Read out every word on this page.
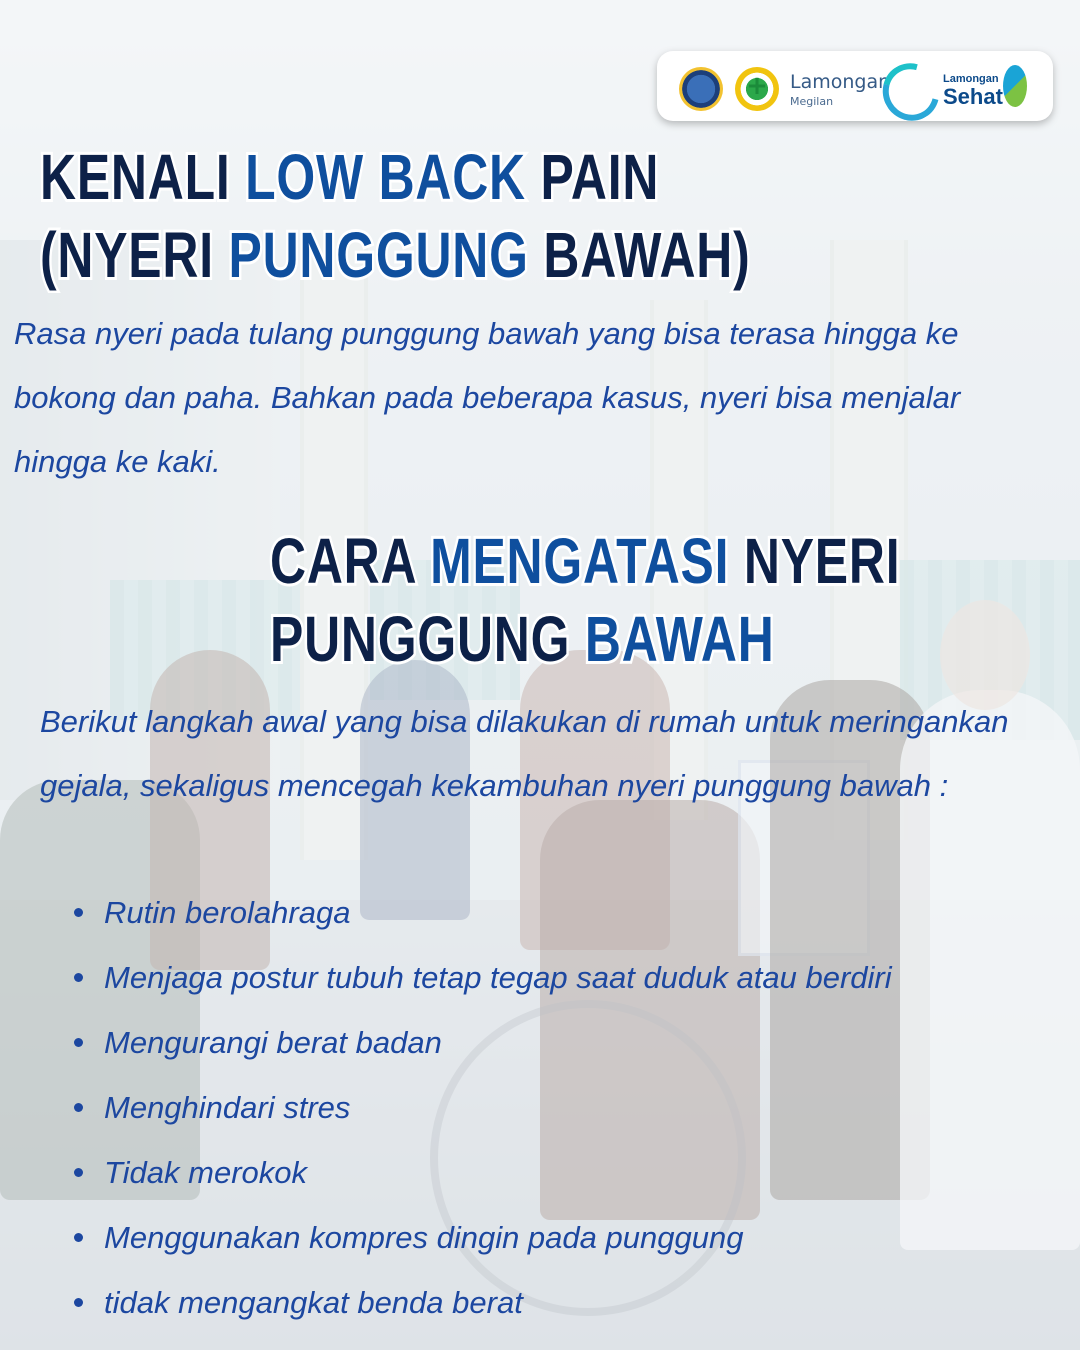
+
Lamongan
Megilan
Lamongan
Sehat
KENALI LOW BACK PAIN
(NYERI PUNGGUNG BAWAH)

Rasa nyeri pada tulang punggung bawah yang bisa terasa hingga ke bokong dan paha. Bahkan pada beberapa kasus, nyeri bisa menjalar hingga ke kaki.

CARA MENGATASI NYERI
PUNGGUNG BAWAH

Berikut langkah awal yang bisa dilakukan di rumah untuk meringankan gejala, sekaligus mencegah kekambuhan nyeri punggung bawah :

Rutin berolahraga
Menjaga postur tubuh tetap tegap saat duduk atau berdiri
Mengurangi berat badan
Menghindari stres
Tidak merokok
Menggunakan kompres dingin pada punggung
tidak mengangkat benda berat
